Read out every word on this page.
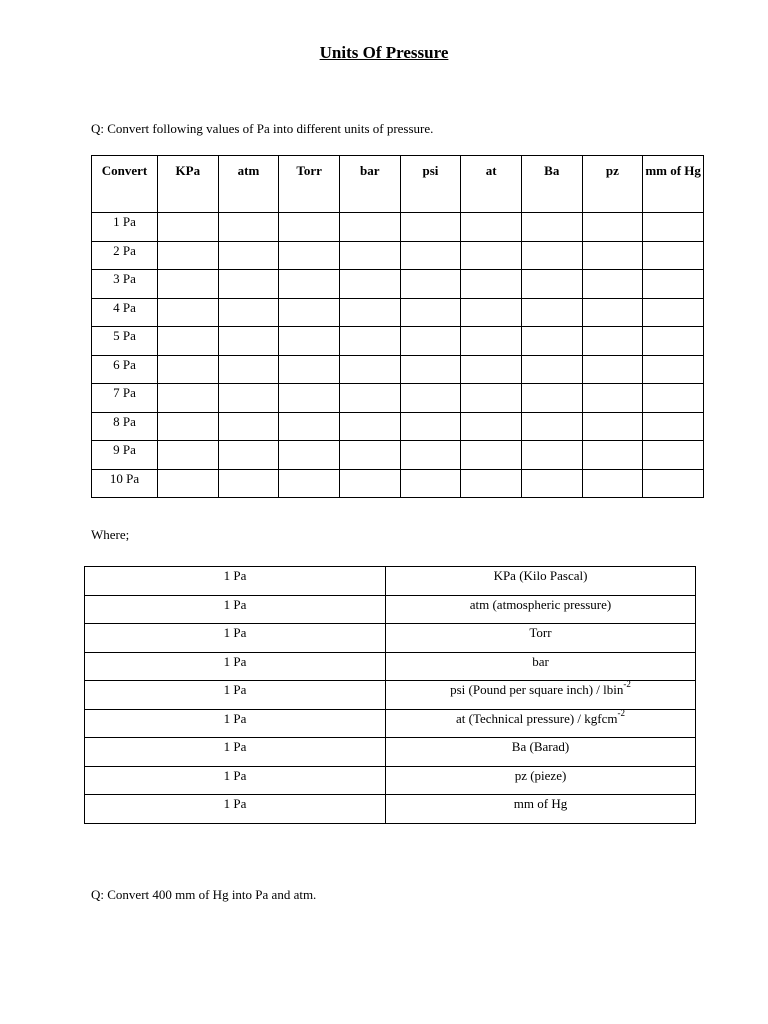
Units Of Pressure
Q: Convert following values of Pa into different units of pressure.
Convert	KPa	atm	Torr	bar	psi	at	Ba	pz	mm of Hg
1 Pa									
2 Pa									
3 Pa									
4 Pa									
5 Pa									
6 Pa									
7 Pa									
8 Pa									
9 Pa									
10 Pa									
Where;
1 Pa	KPa (Kilo Pascal)
1 Pa	atm (atmospheric pressure)
1 Pa	Torr
1 Pa	bar
1 Pa	psi (Pound per square inch) / lbin$^{-2}$
1 Pa	at (Technical pressure) / kgfcm$^{-2}$
1 Pa	Ba (Barad)
1 Pa	pz (pieze)
1 Pa	mm of Hg
Q: Convert 400 mm of Hg into Pa and atm.
